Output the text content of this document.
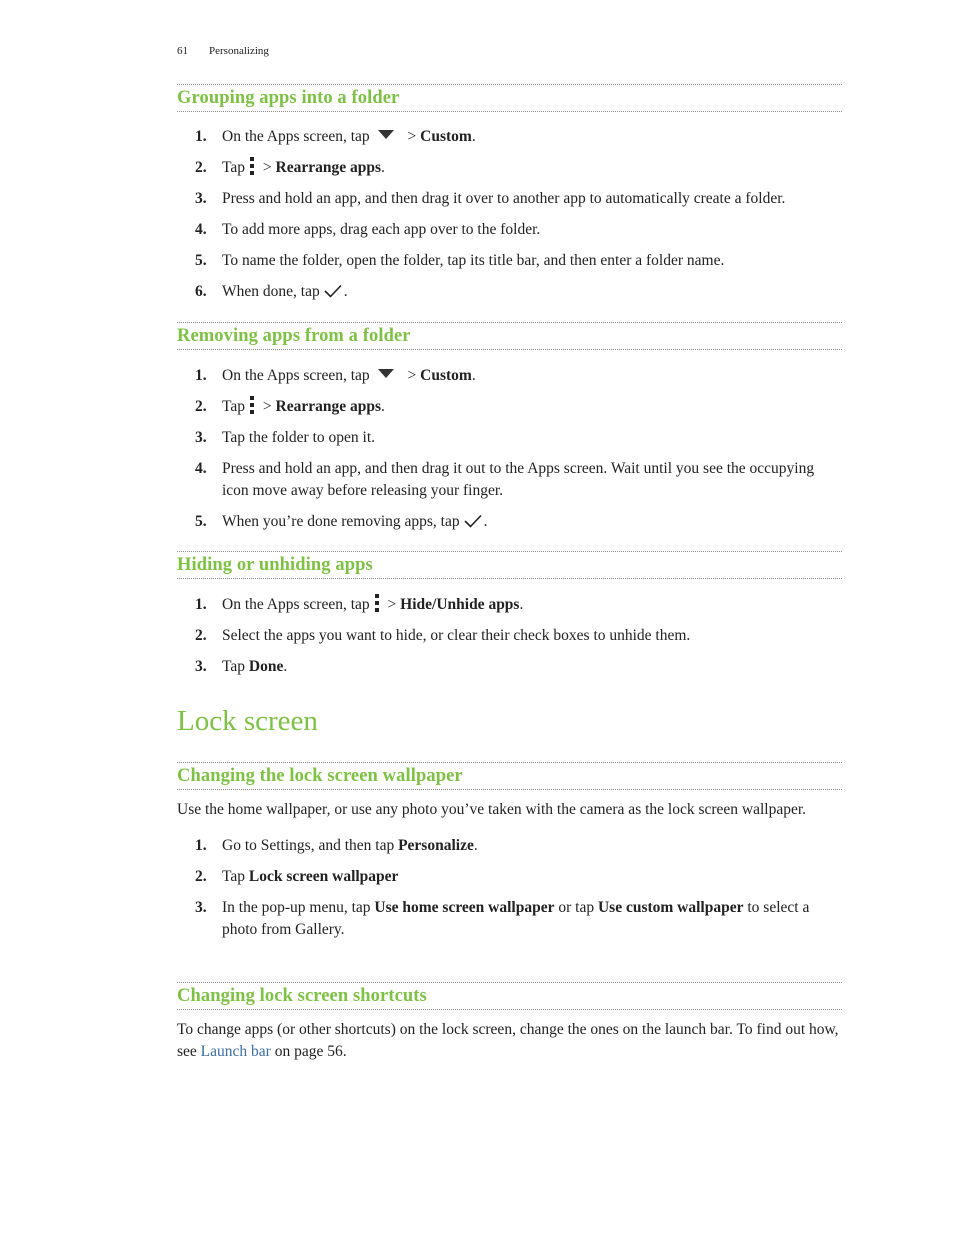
61 Personalizing
Grouping apps into a folder
1. On the Apps screen, tap > Custom.
2. Tap
> Rearrange apps.
3. Press and hold an app, and then drag it over to another app to automatically create a folder.
4. To add more apps, drag each app over to the folder.
5. To name the folder, open the folder, tap its title bar, and then enter a folder name.
6. When done, tap .
Removing apps from a folder
1. On the Apps screen, tap > Custom.
2. Tap
> Rearrange apps.
3. Tap the folder to open it.
4. Press and hold an app, and then drag it out to the Apps screen. Wait until you see the occupying icon move away before releasing your finger.
5. When you’re done removing apps, tap .
Hiding or unhiding apps
1. On the Apps screen, tap
> Hide/Unhide apps.
2. Select the apps you want to hide, or clear their check boxes to unhide them.
3. Tap Done.
Lock screen
Changing the lock screen wallpaper

Use the home wallpaper, or use any photo you’ve taken with the camera as the lock screen wallpaper.

1. Go to Settings, and then tap Personalize.
2. Tap Lock screen wallpaper
3. In the pop-up menu, tap Use home screen wallpaper or tap Use custom wallpaper to select a photo from Gallery.
Changing lock screen shortcuts

To change apps (or other shortcuts) on the lock screen, change the ones on the launch bar. To find out how, see Launch bar on page 56.
